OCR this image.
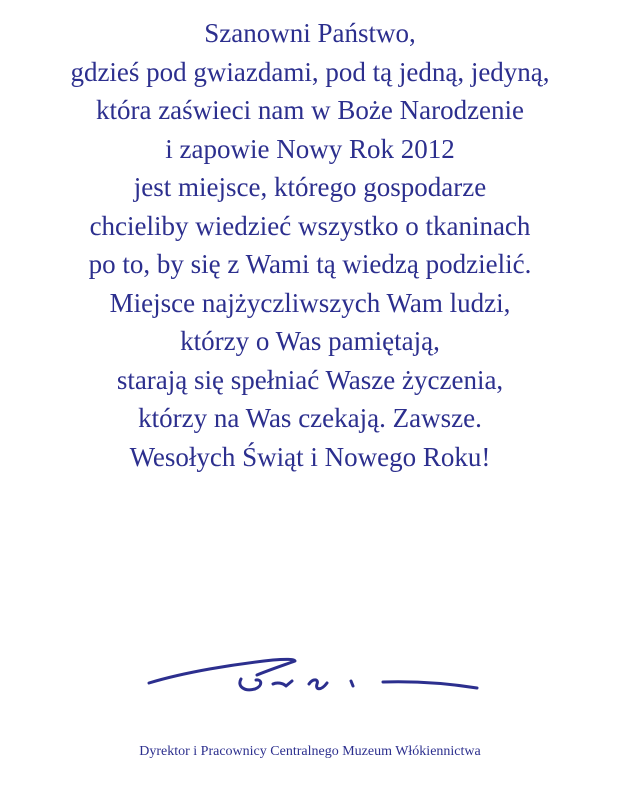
Szanowni Państwo,
gdzieś pod gwiazdami, pod tą jedną, jedyną,
która zaświeci nam w Boże Narodzenie
i zapowie Nowy Rok 2012
jest miejsce, którego gospodarze
chcieliby wiedzieć wszystko o tkaninach
po to, by się z Wami tą wiedzą podzielić.
Miejsce najżyczliwszych Wam ludzi,
którzy o Was pamiętają,
starają się spełniać Wasze życzenia,
którzy na Was czekają. Zawsze.
Wesołych Świąt i Nowego Roku!
Dyrektor i Pracownicy Centralnego Muzeum Włókiennictwa
